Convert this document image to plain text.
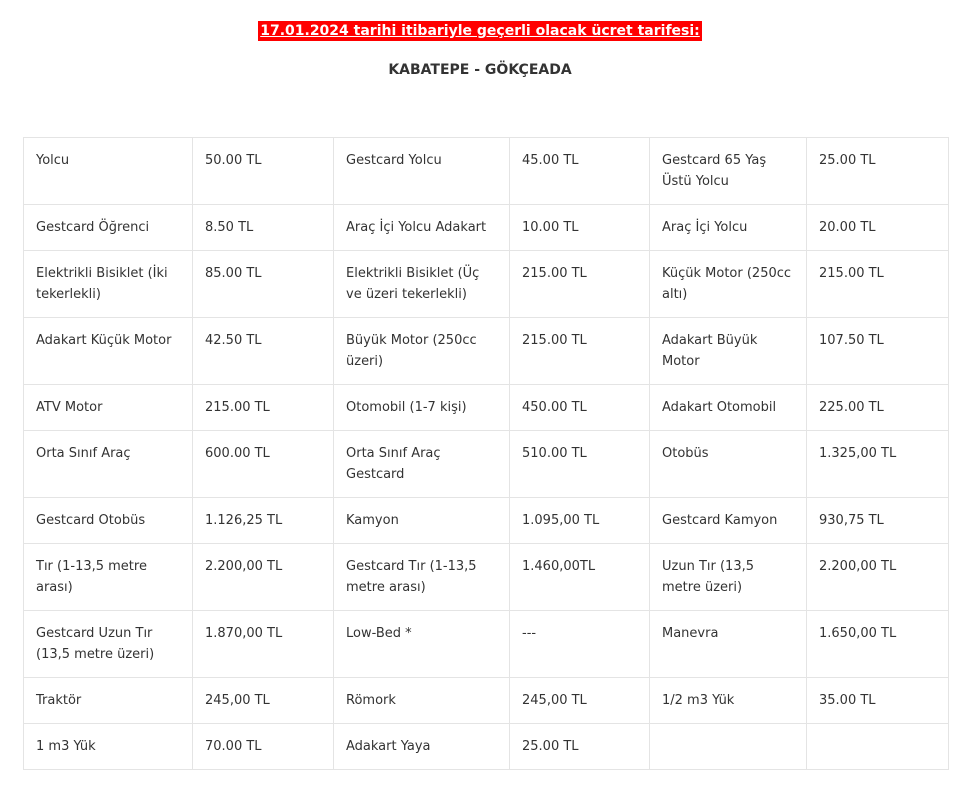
17.01.2024 tarihi itibariyle geçerli olacak ücret tarifesi:
KABATEPE - GÖKÇEADA
Yolcu	50.00 TL	Gestcard Yolcu	45.00 TL	Gestcard 65 Yaş Üstü Yolcu	25.00 TL
Gestcard Öğrenci	8.50 TL	Araç İçi Yolcu Adakart	10.00 TL	Araç İçi Yolcu	20.00 TL
Elektrikli Bisiklet (İki tekerlekli)	85.00 TL	Elektrikli Bisiklet (Üç ve üzeri tekerlekli)	215.00 TL	Küçük Motor (250cc altı)	215.00 TL
Adakart Küçük Motor	42.50 TL	Büyük Motor (250cc üzeri)	215.00 TL	Adakart Büyük Motor	107.50 TL
ATV Motor	215.00 TL	Otomobil (1-7 kişi)	450.00 TL	Adakart Otomobil	225.00 TL
Orta Sınıf Araç	600.00 TL	Orta Sınıf Araç Gestcard	510.00 TL	Otobüs	1.325,00 TL
Gestcard Otobüs	1.126,25 TL	Kamyon	1.095,00 TL	Gestcard Kamyon	930,75 TL
Tır (1-13,5 metre arası)	2.200,00 TL	Gestcard Tır (1-13,5 metre arası)	1.460,00TL	Uzun Tır (13,5 metre üzeri)	2.200,00 TL
Gestcard Uzun Tır (13,5 metre üzeri)	1.870,00 TL	Low-Bed *	---	Manevra	1.650,00 TL
Traktör	245,00 TL	Römork	245,00 TL	1/2 m3 Yük	35.00 TL
1 m3 Yük	70.00 TL	Adakart Yaya	25.00 TL		
